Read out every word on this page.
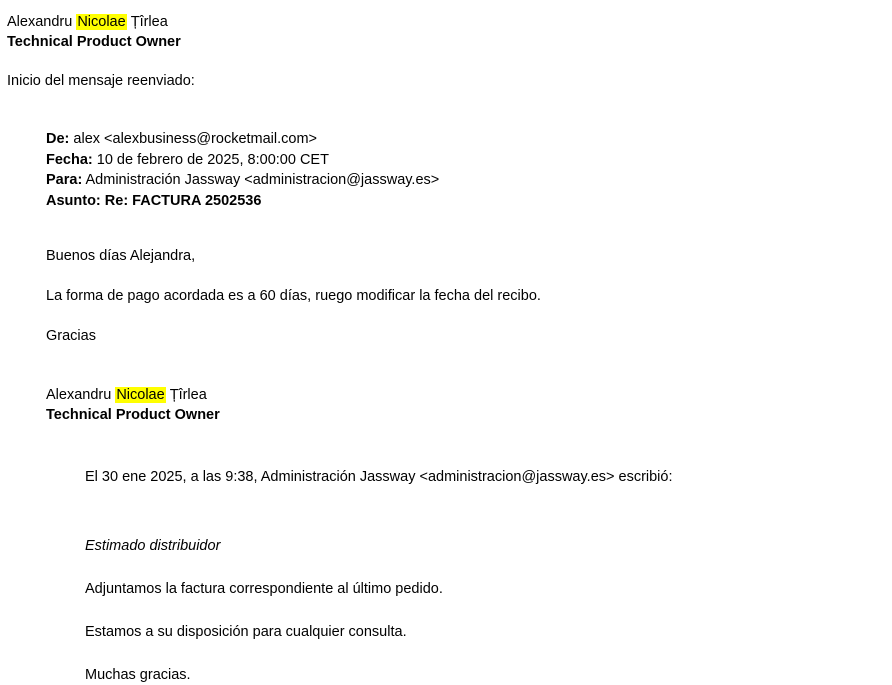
Alexandru Nicolae Țîrlea
Technical Product Owner
Inicio del mensaje reenviado:
De: alex <alexbusiness@rocketmail.com>
Fecha: 10 de febrero de 2025, 8:00:00 CET
Para: Administración Jassway <administracion@jassway.es>
Asunto: Re: FACTURA 2502536

Buenos días Alejandra,

La forma de pago acordada es a 60 días, ruego modificar la fecha del recibo.

Gracias

Alexandru Nicolae Țîrlea
Technical Product Owner
El 30 ene 2025, a las 9:38, Administración Jassway <administracion@jassway.es> escribió:

Estimado distribuidor

Adjuntamos la factura correspondiente al último pedido.

Estamos a su disposición para cualquier consulta.

Muchas gracias.
